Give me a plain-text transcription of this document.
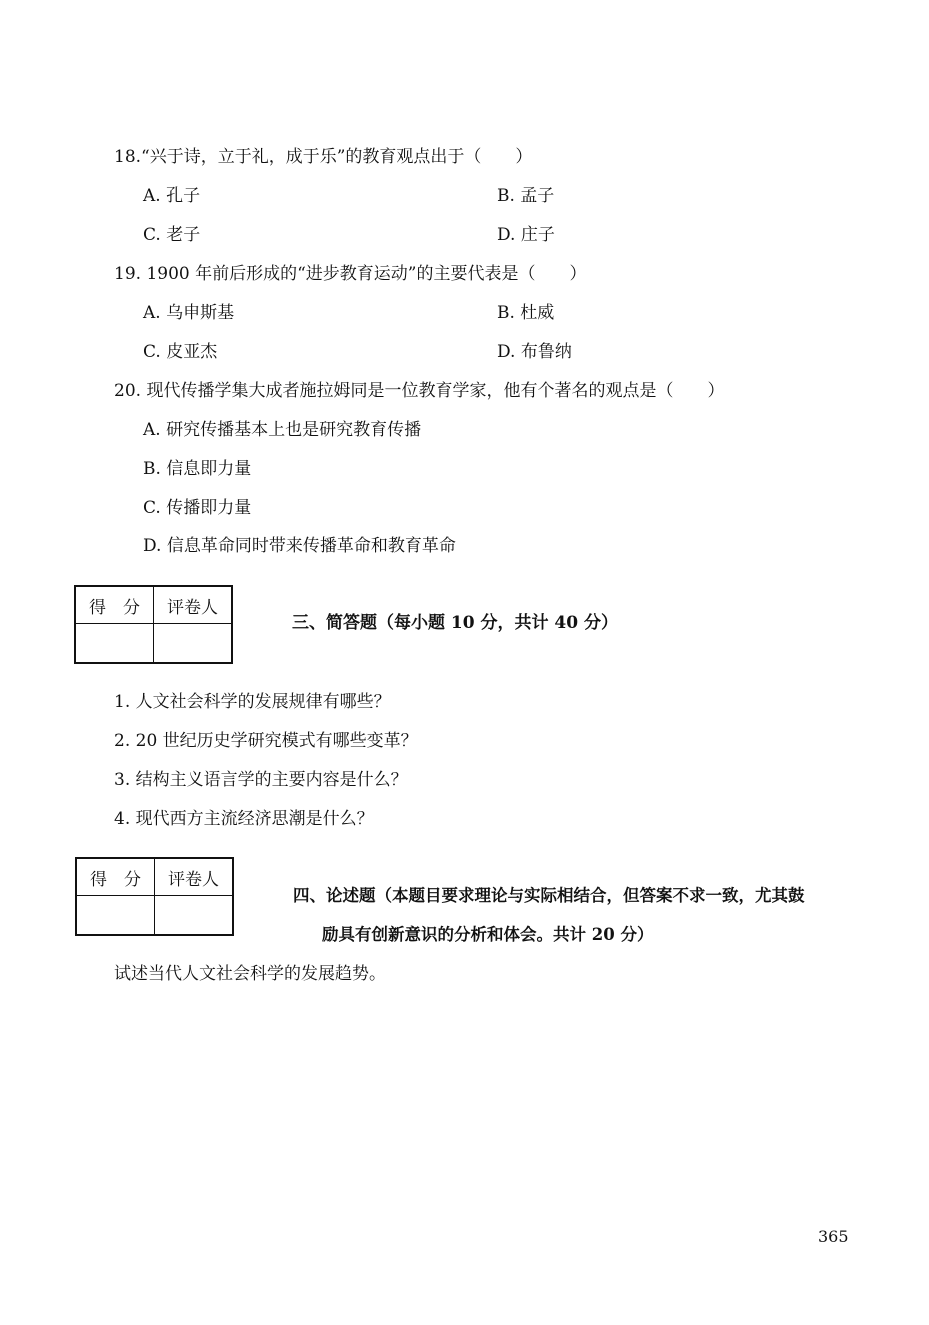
18.“兴于诗，立于礼，成于乐”的教育观点出于（　　）
A. 孔子	B. 孟子
C. 老子	D. 庄子
19. 1900 年前后形成的“进步教育运动”的主要代表是（　　）
A. 乌申斯基	B. 杜威
C. 皮亚杰	D. 布鲁纳
20. 现代传播学集大成者施拉姆同是一位教育学家，他有个著名的观点是（　　）
A. 研究传播基本上也是研究教育传播
B. 信息即力量
C. 传播即力量
D. 信息革命同时带来传播革命和教育革命
得　分	评卷人

三、简答题（每小题 10 分，共计 40 分）
1. 人文社会科学的发展规律有哪些？
2. 20 世纪历史学研究模式有哪些变革？
3. 结构主义语言学的主要内容是什么？
4. 现代西方主流经济思潮是什么？
得　分	评卷人

四、论述题（本题目要求理论与实际相结合，但答案不求一致，尤其鼓
励具有创新意识的分析和体会。共计 20 分）
试述当代人文社会科学的发展趋势。
365
